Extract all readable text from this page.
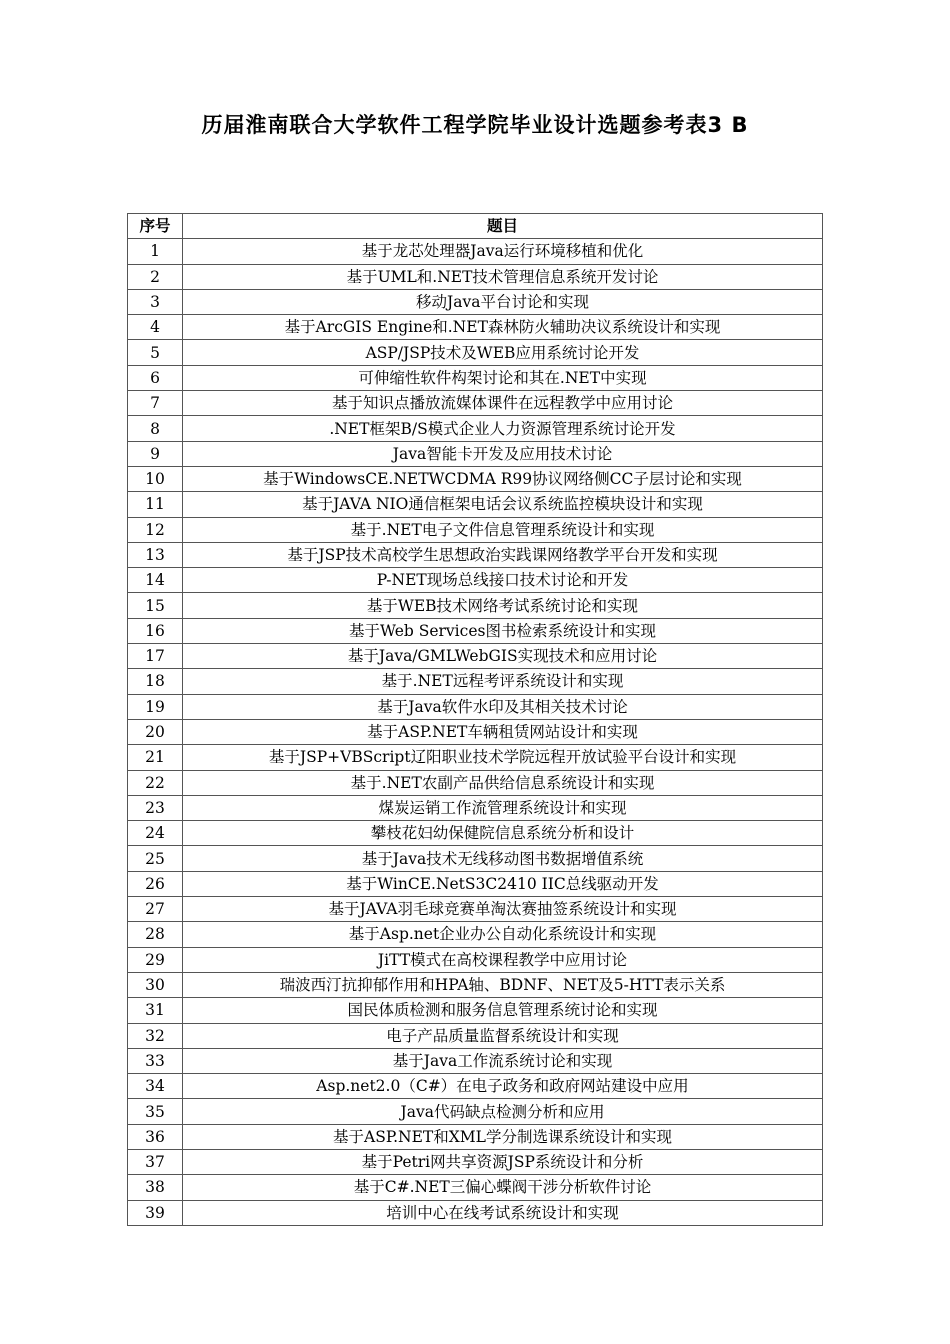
历届淮南联合大学软件工程学院毕业设计选题参考表3 B
序号	题目
1	基于龙芯处理器Java运行环境移植和优化
2	基于UML和.NET技术管理信息系统开发讨论
3	移动Java平台讨论和实现
4	基于ArcGIS Engine和.NET森林防火辅助决议系统设计和实现
5	ASP/JSP技术及WEB应用系统讨论开发
6	可伸缩性软件构架讨论和其在.NET中实现
7	基于知识点播放流媒体课件在远程教学中应用讨论
8	.NET框架B/S模式企业人力资源管理系统讨论开发
9	Java智能卡开发及应用技术讨论
10	基于WindowsCE.NETWCDMA R99协议网络侧CC子层讨论和实现
11	基于JAVA NIO通信框架电话会议系统监控模块设计和实现
12	基于.NET电子文件信息管理系统设计和实现
13	基于JSP技术高校学生思想政治实践课网络教学平台开发和实现
14	P-NET现场总线接口技术讨论和开发
15	基于WEB技术网络考试系统讨论和实现
16	基于Web Services图书检索系统设计和实现
17	基于Java/GMLWebGIS实现技术和应用讨论
18	基于.NET远程考评系统设计和实现
19	基于Java软件水印及其相关技术讨论
20	基于ASP.NET车辆租赁网站设计和实现
21	基于JSP+VBScript辽阳职业技术学院远程开放试验平台设计和实现
22	基于.NET农副产品供给信息系统设计和实现
23	煤炭运销工作流管理系统设计和实现
24	攀枝花妇幼保健院信息系统分析和设计
25	基于Java技术无线移动图书数据增值系统
26	基于WinCE.NetS3C2410 IIC总线驱动开发
27	基于JAVA羽毛球竞赛单淘汰赛抽签系统设计和实现
28	基于Asp.net企业办公自动化系统设计和实现
29	JiTT模式在高校课程教学中应用讨论
30	瑞波西汀抗抑郁作用和HPA轴、BDNF、NET及5-HTT表示关系
31	国民体质检测和服务信息管理系统讨论和实现
32	电子产品质量监督系统设计和实现
33	基于Java工作流系统讨论和实现
34	Asp.net2.0（C#）在电子政务和政府网站建设中应用
35	Java代码缺点检测分析和应用
36	基于ASP.NET和XML学分制选课系统设计和实现
37	基于Petri网共享资源JSP系统设计和分析
38	基于C#.NET三偏心蝶阀干涉分析软件讨论
39	培训中心在线考试系统设计和实现
